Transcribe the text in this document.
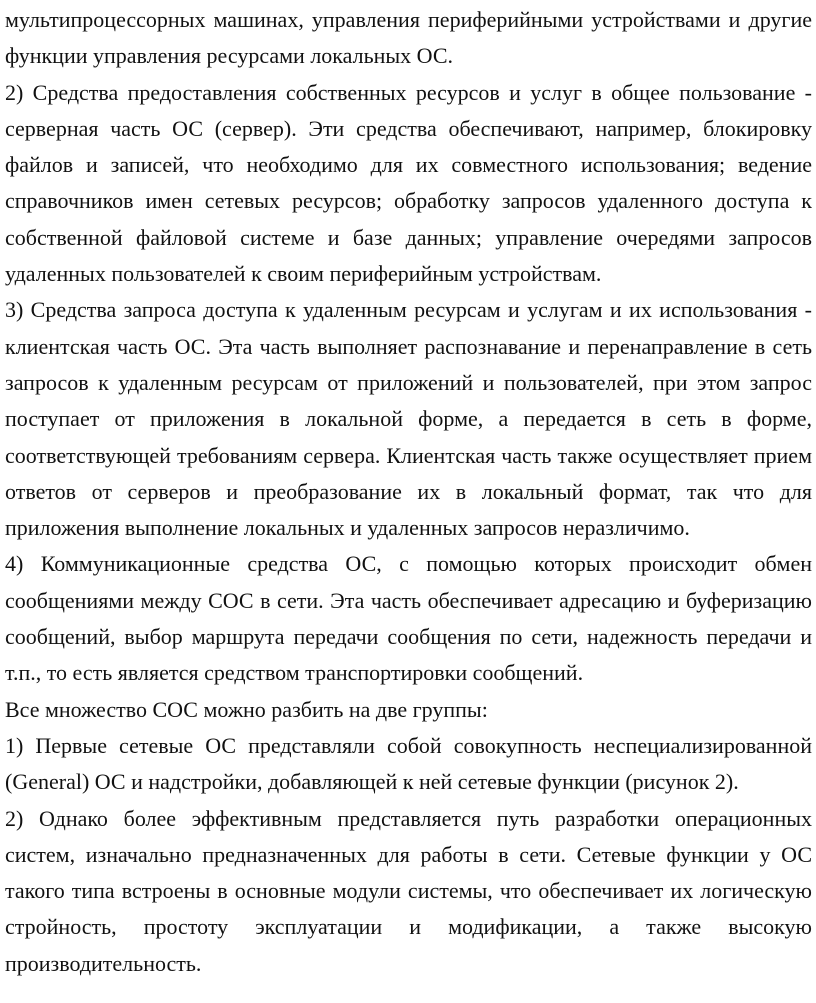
мультипроцессорных машинах, управления периферийными устройствами и другие функции управления ресурсами локальных ОС.

2) Средства предоставления собственных ресурсов и услуг в общее пользование - серверная часть ОС (сервер). Эти средства обеспечивают, например, блокировку файлов и записей, что необходимо для их совместного использования; ведение справочников имен сетевых ресурсов; обработку запросов удаленного доступа к собственной файловой системе и базе данных; управление очередями запросов удаленных пользователей к своим периферийным устройствам.

3) Средства запроса доступа к удаленным ресурсам и услугам и их использования - клиентская часть ОС. Эта часть выполняет распознавание и перенаправление в сеть запросов к удаленным ресурсам от приложений и пользователей, при этом запрос поступает от приложения в локальной форме, а передается в сеть в форме, соответствующей требованиям сервера. Клиентская часть также осуществляет прием ответов от серверов и преобразование их в локальный формат, так что для приложения выполнение локальных и удаленных запросов неразличимо.

4) Коммуникационные средства ОС, с помощью которых происходит обмен сообщениями между СОС в сети. Эта часть обеспечивает адресацию и буферизацию сообщений, выбор маршрута передачи сообщения по сети, надежность передачи и т.п., то есть является средством транспортировки сообщений.

Все множество СОС можно разбить на две группы:

1) Первые сетевые ОС представляли собой совокупность неспециализированной (General) ОС и надстройки, добавляющей к ней сетевые функции (рисунок 2).

2) Однако более эффективным представляется путь разработки операционных систем, изначально предназначенных для работы в сети. Сетевые функции у ОС такого типа встроены в основные модули системы, что обеспечивает их логическую стройность, простоту эксплуатации и модификации, а также высокую производительность.
